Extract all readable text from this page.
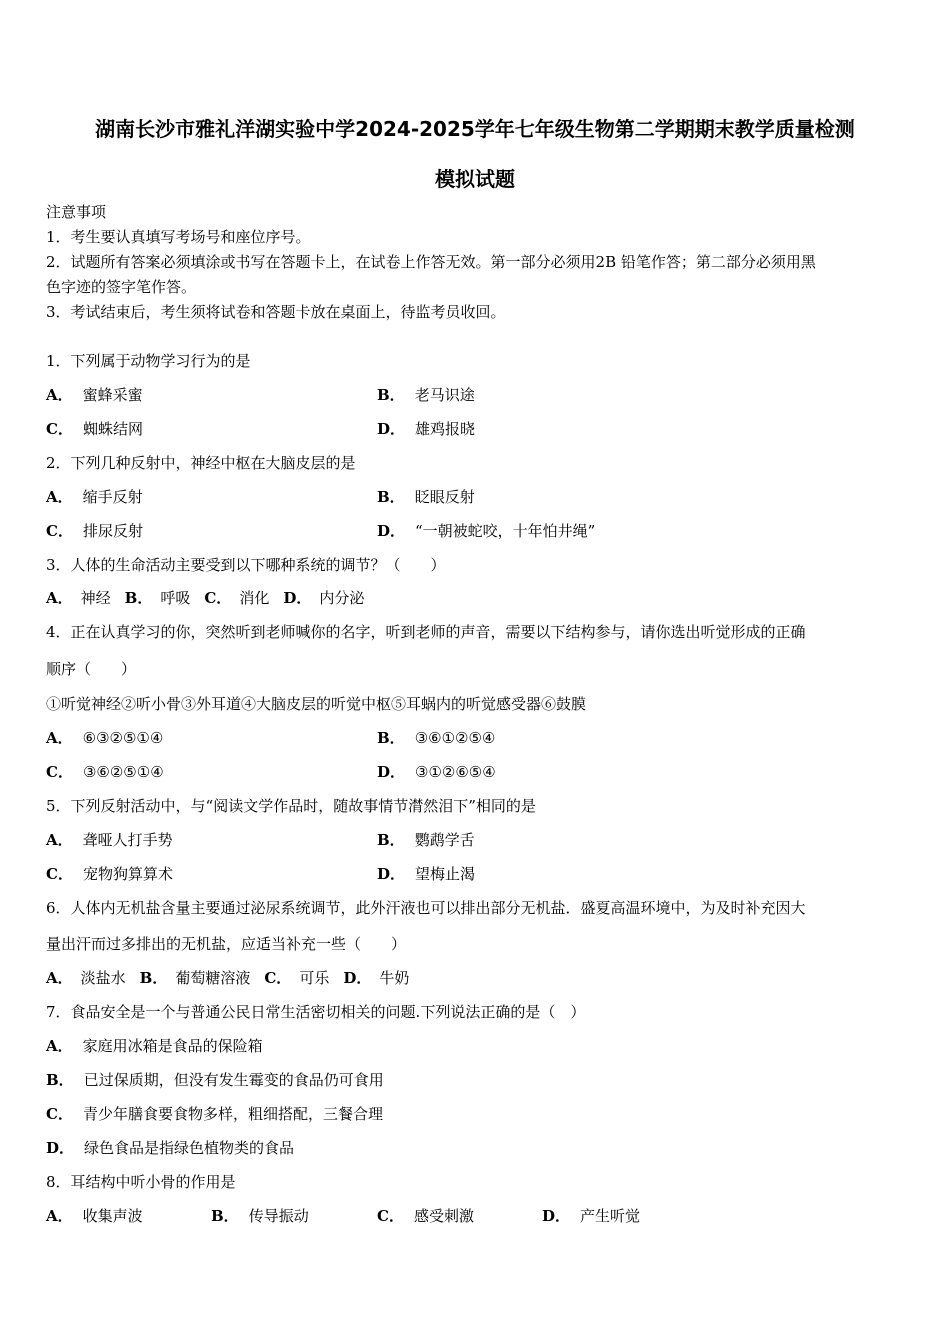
湖南长沙市雅礼洋湖实验中学2024-2025学年七年级生物第二学期期末教学质量检测
模拟试题
注意事项
1．考生要认真填写考场号和座位序号。
2．试题所有答案必须填涂或书写在答题卡上，在试卷上作答无效。第一部分必须用2B 铅笔作答；第二部分必须用黑
色字迹的签字笔作答。
3．考试结束后，考生须将试卷和答题卡放在桌面上，待监考员收回。
1．下列属于动物学习行为的是
A． 蜜蜂采蜜	B． 老马识途
C． 蜘蛛结网	D． 雄鸡报晓
2．下列几种反射中，神经中枢在大脑皮层的是
A． 缩手反射	B． 眨眼反射
C． 排尿反射	D． “一朝被蛇咬，十年怕井绳”
3．人体的生命活动主要受到以下哪种系统的调节？（　　）
A． 神经 B． 呼吸 C． 消化 D． 内分泌
4．正在认真学习的你，突然听到老师喊你的名字，听到老师的声音，需要以下结构参与，请你选出听觉形成的正确
顺序（　　）
①听觉神经②听小骨③外耳道④大脑皮层的听觉中枢⑤耳蜗内的听觉感受器⑥鼓膜
A． ⑥③②⑤①④	B． ③⑥①②⑤④
C． ③⑥②⑤①④	D． ③①②⑥⑤④
5．下列反射活动中，与“阅读文学作品时，随故事情节潸然泪下”相同的是
A． 聋哑人打手势	B． 鹦鹉学舌
C． 宠物狗算算术	D． 望梅止渴
6．人体内无机盐含量主要通过泌尿系统调节，此外汗液也可以排出部分无机盐．盛夏高温环境中，为及时补充因大
量出汗而过多排出的无机盐，应适当补充一些（　　）
A． 淡盐水 B． 葡萄糖溶液 C． 可乐 D． 牛奶
7．食品安全是一个与普通公民日常生活密切相关的问题.下列说法正确的是（　）
A． 家庭用冰箱是食品的保险箱
B． 已过保质期，但没有发生霉变的食品仍可食用
C． 青少年膳食要食物多样，粗细搭配，三餐合理
D． 绿色食品是指绿色植物类的食品
8．耳结构中听小骨的作用是
A． 收集声波	B． 传导振动	C． 感受刺激	D． 产生听觉
